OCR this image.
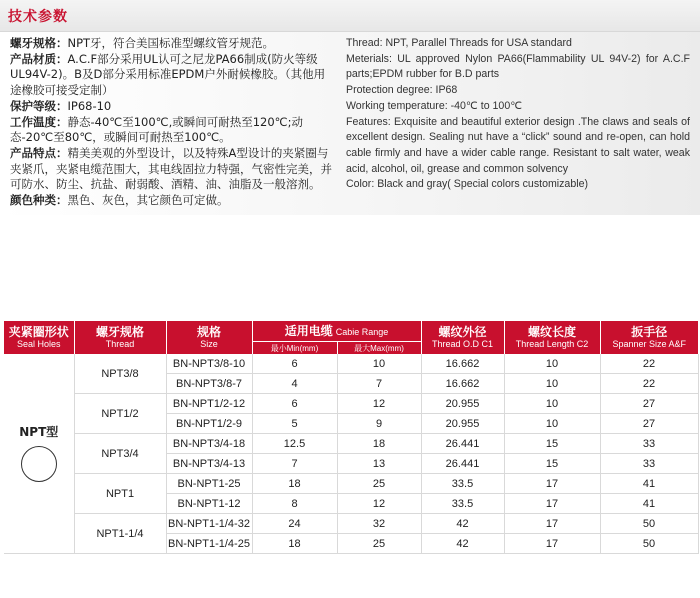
技术参数

螺牙规格：NPT牙，符合美国标准型螺纹管牙规范。

产品材质：A.C.F部分采用UL认可之尼龙PA66制成(防火等级UL94V-2)。B及D部分采用标准EPDM户外耐候橡胶。（其他用途橡胶可接受定制）

保护等级：IP68-10

工作温度：静态-40℃至100℃,或瞬间可耐热至120℃;动态-20℃至80℃，或瞬间可耐热至100℃。

产品特点：精美美观的外型设计，以及特殊A型设计的夹紧圈与夹紧爪，夹紧电缆范围大，其电线固拉力特强，气密性完美，并可防水、防尘、抗盐、耐弱酸、酒精、油、油脂及一般溶剂。

颜色种类：黑色、灰色，其它颜色可定做。

Thread: NPT, Parallel Threads for USA standard

Meterials: UL approved Nylon PA66(Flammability UL 94V-2) for A.C.F parts;EPDM rubber for B.D parts

Protection degree: IP68

Working temperature: -40℃ to 100℃

Features: Exquisite and beautiful exterior design .The claws and seals of excellent design. Sealing nut have a “click” sound and re-open, can hold cable firmly and have a wider cable range. Resistant to salt water, weak acid, alcohol, oil, grease and common solvency

Color: Black and gray( Special colors customizable)

夹紧圈形状
Seal Holes	螺牙规格
Thread	规格
Size	适用电缆 Cabie Range		螺纹外径
Thread O.D C1	螺纹长度
Thread Length C2	扳手径
Spanner Size A&F

			最小Min(mm)	最大Max(mm)			

NPT型	NPT3/8	BN-NPT3/8-10	6	10	16.662	10	22
		BN-NPT3/8-7	4	7	16.662	10	22
	NPT1/2	BN-NPT1/2-12	6	12	20.955	10	27
		BN-NPT1/2-9	5	9	20.955	10	27
	NPT3/4	BN-NPT3/4-18	12.5	18	26.441	15	33
		BN-NPT3/4-13	7	13	26.441	15	33
	NPT1	BN-NPT1-25	18	25	33.5	17	41
		BN-NPT1-12	8	12	33.5	17	41
	NPT1-1/4	BN-NPT1-1/4-32	24	32	42	17	50
		BN-NPT1-1/4-25	18	25	42	17	50
